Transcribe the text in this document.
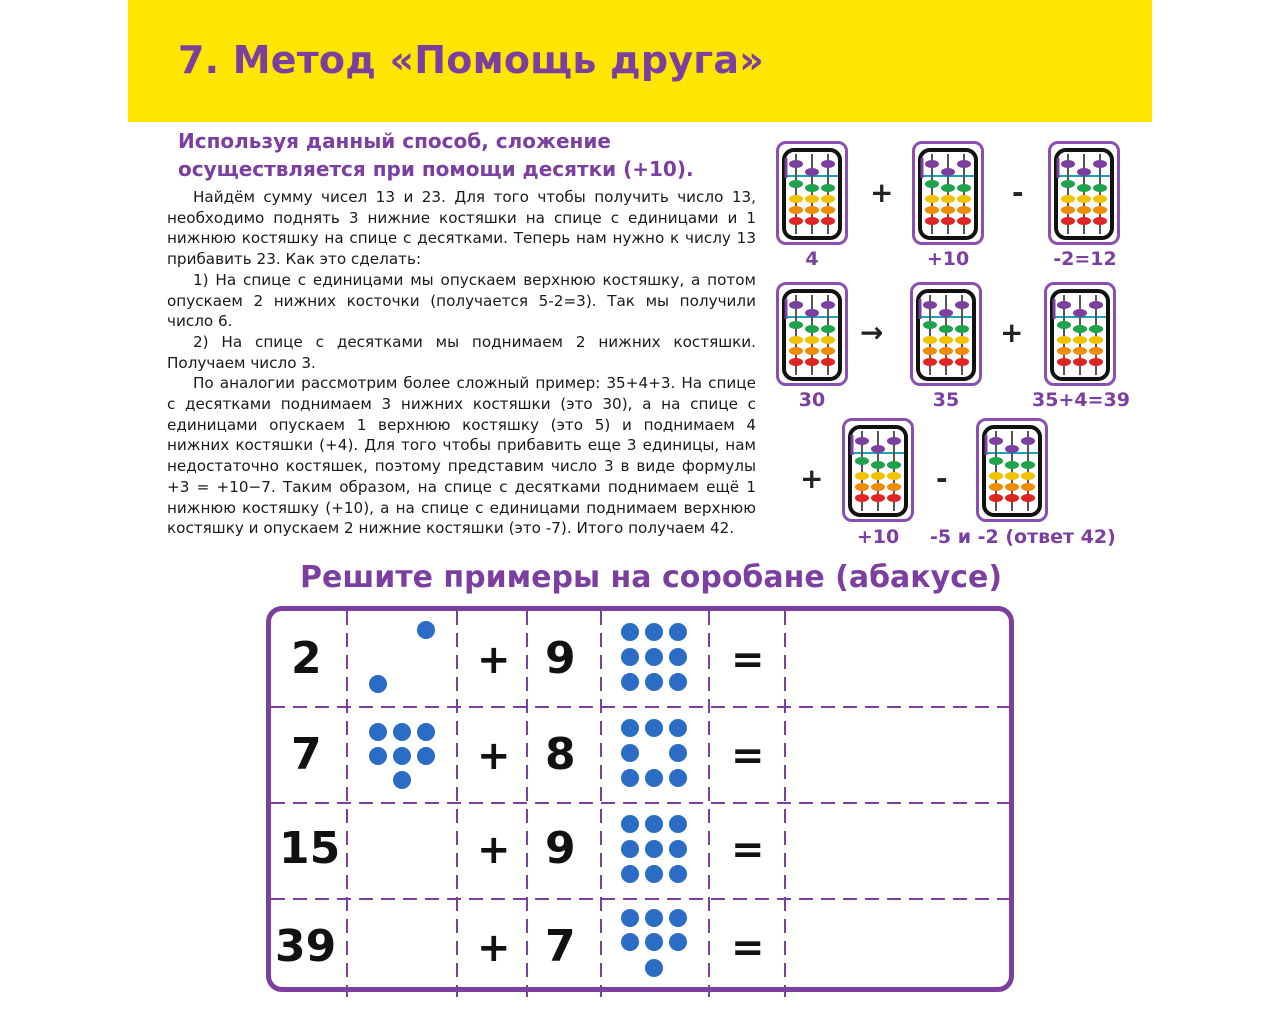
7. Метод «Помощь друга»
Используя данный способ, сложение осуществляется при помощи десятки (+10).

Найдём сумму чисел 13 и 23. Для того чтобы получить число 13, необходимо поднять 3 нижние костяшки на спице с единицами и 1 нижнюю костяшку на спице с десятками. Теперь нам нужно к числу 13 прибавить 23. Как это сделать:

1) На спице с единицами мы опускаем верхнюю костяшку, а потом опускаем 2 нижних косточки (получается 5-2=3). Так мы получили число 6.

2) На спице с десятками мы поднимаем 2 нижних костяшки. Получаем число 3.

По аналогии рассмотрим более сложный пример: 35+4+3. На спице с десятками поднимаем 3 нижних костяшки (это 30), а на спице с единицами опускаем 1 верхнюю костяшку (это 5) и поднимаем 4 нижних костяшки (+4). Для того чтобы прибавить еще 3 единицы, нам недостаточно костяшек, поэтому представим число 3 в виде формулы +3 = +10−7. Таким образом, на спице с десятками поднимаем ещё 1 нижнюю костяшку (+10), а на спице с единицами поднимаем верхнюю костяшку и опускаем 2 нижние костяшки (это -7). Итого получаем 42.

+	-
4	+10	-2=12
→	+
30	35	35+4=39
+	-
+10	-5 и -2 (ответ 42)
Решите примеры на соробане (абакусе)
2	+ 9	=
7	+ 8	=
15	+ 9	=
39	+ 7	=
